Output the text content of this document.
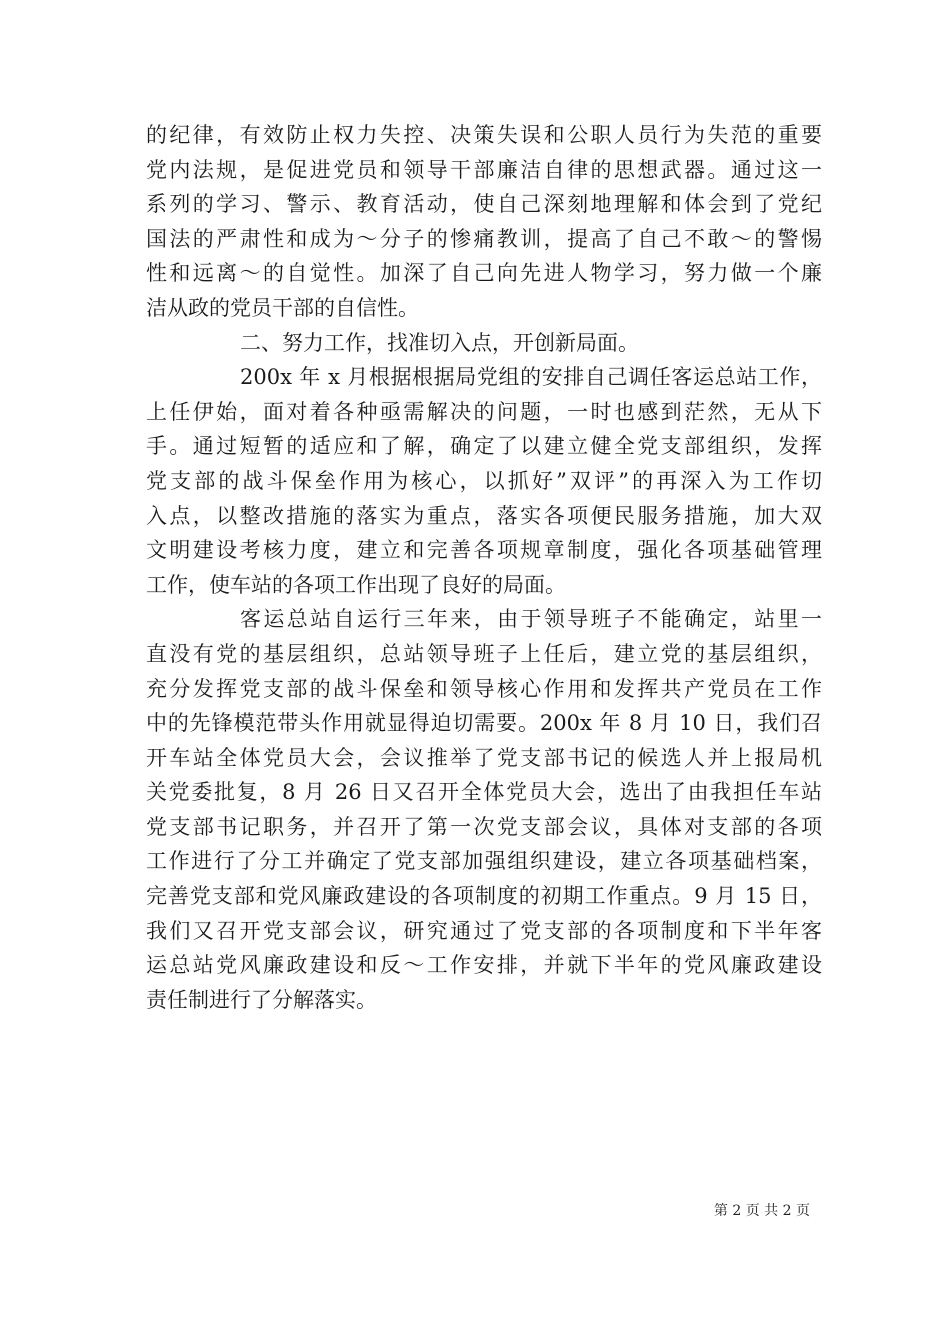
的纪律，有效防止权力失控、决策失误和公职人员行为失范的重要
党内法规，是促进党员和领导干部廉洁自律的思想武器。通过这一
系列的学习、警示、教育活动，使自己深刻地理解和体会到了党纪
国法的严肃性和成为～分子的惨痛教训，提高了自己不敢～的警惕
性和远离～的自觉性。加深了自己向先进人物学习，努力做一个廉
洁从政的党员干部的自信性。
二、努力工作，找准切入点，开创新局面。
200x 年 x 月根据根据局党组的安排自己调任客运总站工作，
上任伊始，面对着各种亟需解决的问题，一时也感到茫然，无从下
手。通过短暂的适应和了解，确定了以建立健全党支部组织，发挥
党支部的战斗保垒作用为核心，以抓好”双评”的再深入为工作切
入点，以整改措施的落实为重点，落实各项便民服务措施，加大双
文明建设考核力度，建立和完善各项规章制度，强化各项基础管理
工作，使车站的各项工作出现了良好的局面。
客运总站自运行三年来，由于领导班子不能确定，站里一
直没有党的基层组织，总站领导班子上任后，建立党的基层组织，
充分发挥党支部的战斗保垒和领导核心作用和发挥共产党员在工作
中的先锋模范带头作用就显得迫切需要。200x 年 8 月 10 日，我们召
开车站全体党员大会，会议推举了党支部书记的候选人并上报局机
关党委批复，8 月 26 日又召开全体党员大会，选出了由我担任车站
党支部书记职务，并召开了第一次党支部会议，具体对支部的各项
工作进行了分工并确定了党支部加强组织建设，建立各项基础档案，
完善党支部和党风廉政建设的各项制度的初期工作重点。9 月 15 日，
我们又召开党支部会议，研究通过了党支部的各项制度和下半年客
运总站党风廉政建设和反～工作安排，并就下半年的党风廉政建设
责任制进行了分解落实。
第 2 页 共 2 页
